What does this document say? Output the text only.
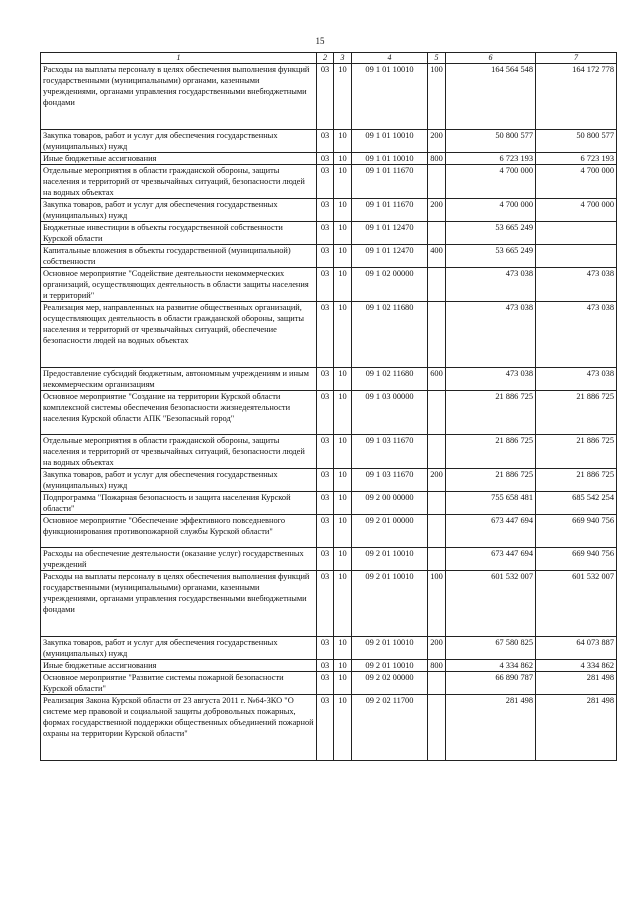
15
1	2	3	4	5	6	7
Расходы на выплаты персоналу в целях обеспечения выполнения функций государственными (муниципальными) органами, казенными учреждениями, органами управления государственными внебюджетными фондами	03	10	09 1 01 10010	100	164 564 548	164 172 778
Закупка товаров, работ и услуг для обеспечения государственных (муниципальных) нужд	03	10	09 1 01 10010	200	50 800 577	50 800 577
Иные бюджетные ассигнования	03	10	09 1 01 10010	800	6 723 193	6 723 193
Отдельные мероприятия в области гражданской обороны, защиты населения и территорий от чрезвычайных ситуаций, безопасности людей на водных объектах	03	10	09 1 01 11670		4 700 000	4 700 000
Закупка товаров, работ и услуг для обеспечения государственных (муниципальных) нужд	03	10	09 1 01 11670	200	4 700 000	4 700 000
Бюджетные инвестиции в объекты государственной собственности Курской области	03	10	09 1 01 12470		53 665 249	
Капитальные вложения в объекты государственной (муниципальной) собственности	03	10	09 1 01 12470	400	53 665 249	
Основное мероприятие "Содействие деятельности некоммерческих организаций, осуществляющих деятельность в области защиты населения и территорий"	03	10	09 1 02 00000		473 038	473 038
Реализация мер, направленных на развитие общественных организаций, осуществляющих деятельность в области гражданской обороны, защиты населения и территорий от чрезвычайных ситуаций, обеспечение безопасности людей на водных объектах	03	10	09 1 02 11680		473 038	473 038
Предоставление субсидий бюджетным, автономным учреждениям и иным некоммерческим организациям	03	10	09 1 02 11680	600	473 038	473 038
Основное мероприятие "Создание на территории Курской области комплексной системы обеспечения безопасности жизнедеятельности населения Курской области АПК "Безопасный город"	03	10	09 1 03 00000		21 886 725	21 886 725
Отдельные мероприятия в области гражданской обороны, защиты населения и территорий от чрезвычайных ситуаций, безопасности людей на водных объектах	03	10	09 1 03 11670		21 886 725	21 886 725
Закупка товаров, работ и услуг для обеспечения государственных (муниципальных) нужд	03	10	09 1 03 11670	200	21 886 725	21 886 725
Подпрограмма "Пожарная безопасность и защита населения Курской области"	03	10	09 2 00 00000		755 658 481	685 542 254
Основное мероприятие "Обеспечение эффективного повседневного функционирования противопожарной службы Курской области"	03	10	09 2 01 00000		673 447 694	669 940 756
Расходы на обеспечение деятельности (оказание услуг) государственных учреждений	03	10	09 2 01 10010		673 447 694	669 940 756
Расходы на выплаты персоналу в целях обеспечения выполнения функций государственными (муниципальными) органами, казенными учреждениями, органами управления государственными внебюджетными фондами	03	10	09 2 01 10010	100	601 532 007	601 532 007
Закупка товаров, работ и услуг для обеспечения государственных (муниципальных) нужд	03	10	09 2 01 10010	200	67 580 825	64 073 887
Иные бюджетные ассигнования	03	10	09 2 01 10010	800	4 334 862	4 334 862
Основное мероприятие "Развитие системы пожарной безопасности Курской области"	03	10	09 2 02 00000		66 890 787	281 498
Реализация Закона Курской области от 23 августа 2011 г. №64-ЗКО "О системе мер правовой и социальной защиты добровольных пожарных, формах государственной поддержки общественных объединений пожарной охраны на территории Курской области"	03	10	09 2 02 11700		281 498	281 498
